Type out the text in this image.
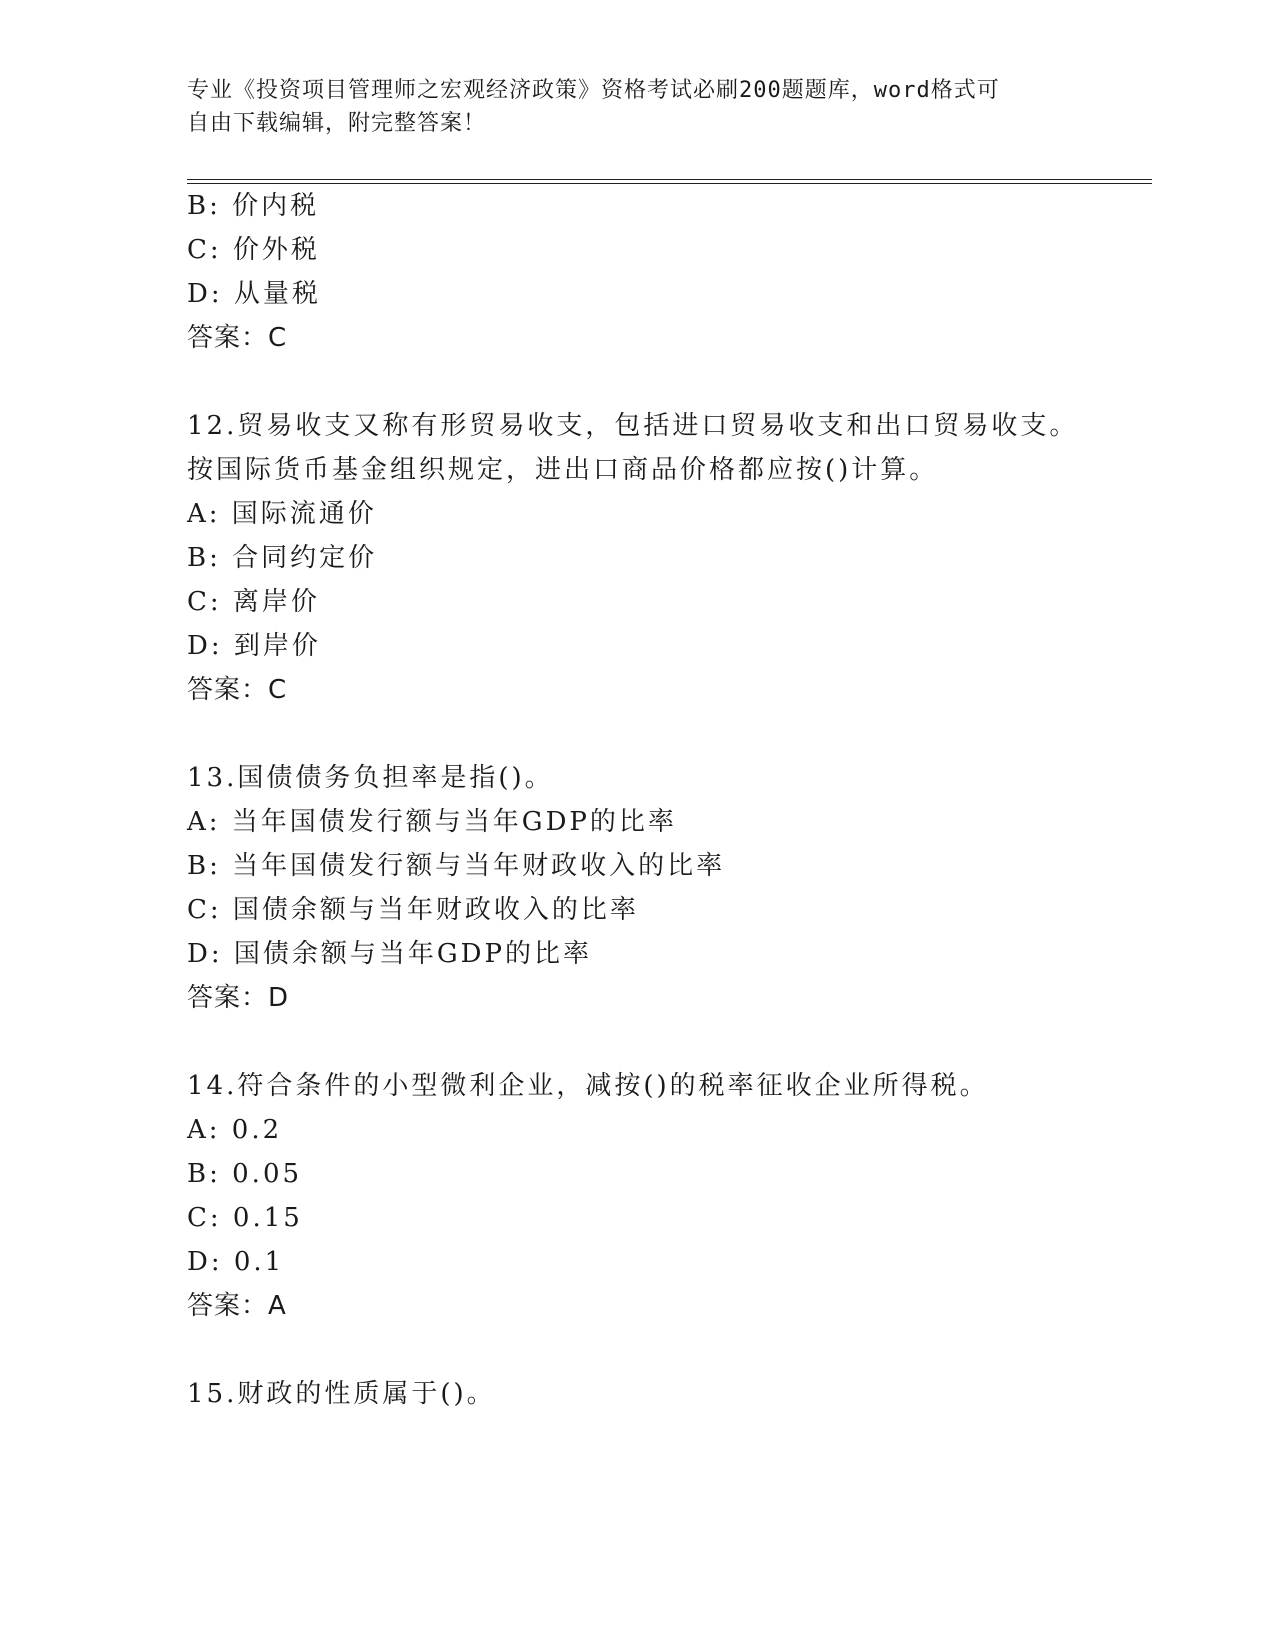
专业《投资项目管理师之宏观经济政策》资格考试必刷200题题库，word格式可
自由下载编辑，附完整答案！
B: 价内税
C: 价外税
D: 从量税
答案：C
12.贸易收支又称有形贸易收支，包括进口贸易收支和出口贸易收支。
按国际货币基金组织规定，进出口商品价格都应按()计算。
A: 国际流通价
B: 合同约定价
C: 离岸价
D: 到岸价
答案：C
13.国债债务负担率是指()。
A: 当年国债发行额与当年GDP的比率
B: 当年国债发行额与当年财政收入的比率
C: 国债余额与当年财政收入的比率
D: 国债余额与当年GDP的比率
答案：D
14.符合条件的小型微利企业，减按()的税率征收企业所得税。
A: 0.2
B: 0.05
C: 0.15
D: 0.1
答案：A
15.财政的性质属于()。
